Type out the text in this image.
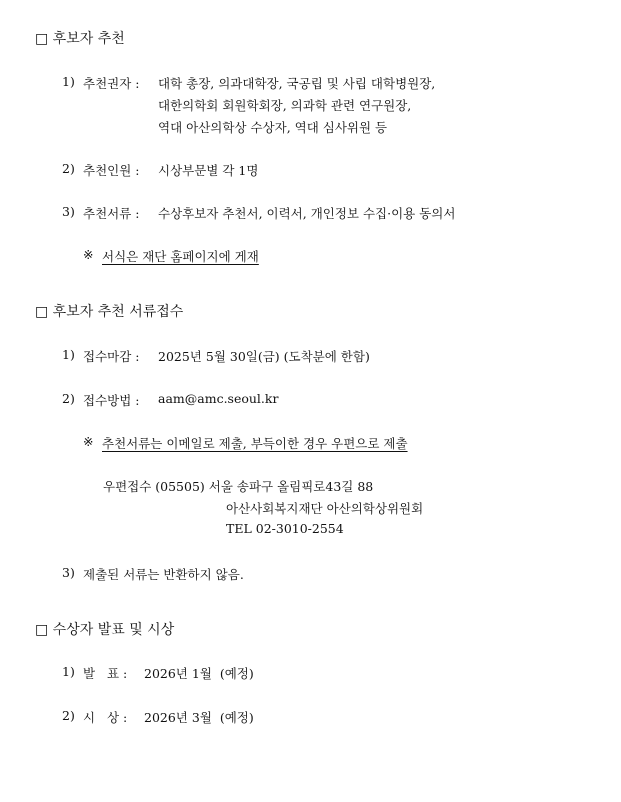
□ 후보자 추천
1) 추천권자 : 대학 총장, 의과대학장, 국공립 및 사립 대학병원장,
대한의학회 회원학회장, 의과학 관련 연구원장,
역대 아산의학상 수상자, 역대 심사위원 등
2) 추천인원 : 시상부문별 각 1명
3) 추천서류 : 수상후보자 추천서, 이력서, 개인정보 수집·이용 동의서
※ 서식은 재단 홈페이지에 게재
□ 후보자 추천 서류접수
1) 접수마감 : 2025년 5월 30일(금) (도착분에 한함)
2) 접수방법 : aam@amc.seoul.kr
※ 추천서류는 이메일로 제출, 부득이한 경우 우편으로 제출
우편접수 (05505) 서울 송파구 올림픽로43길 88
아산사회복지재단 아산의학상위원회
TEL 02-3010-2554
3) 제출된 서류는 반환하지 않음.
□ 수상자 발표 및 시상
1) 발   표 : 2026년 1월  (예정)
2) 시   상 : 2026년 3월  (예정)
